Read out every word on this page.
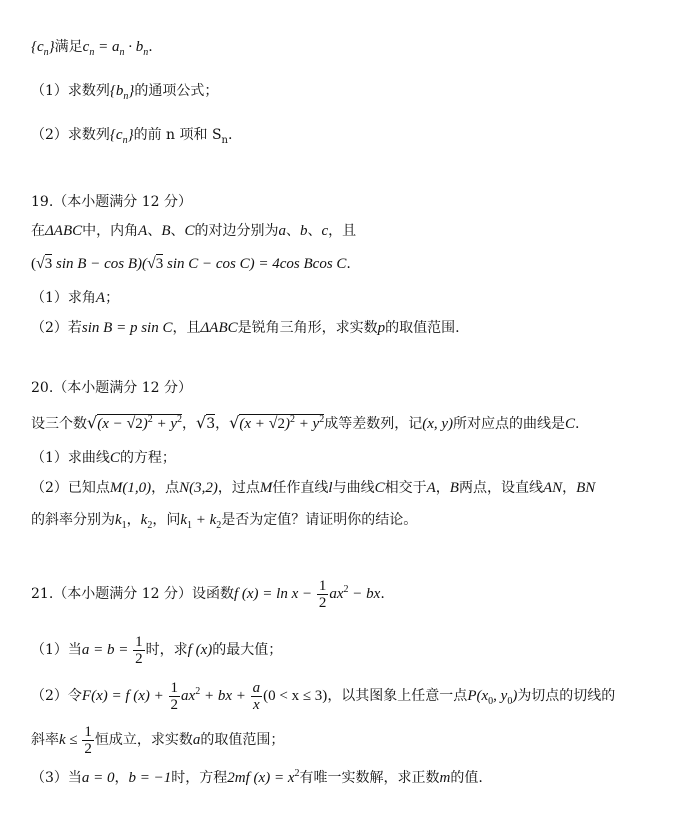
$\{c_n\}$满足$c_n = a_n \cdot b_n$.
（1）求数列$\{b_n\}$的通项公式；
（2）求数列$\{c_n\}$的前 n 项和 $S_n$.
19.（本小题满分 12 分）
在ΔABC中，内角A、B、C的对边分别为a、b、c，且
(√3 sin B − cos B)(√3 sin C − cos C) = 4cos Bcos C.
（1）求角A；
（2）若sin B = p sin C，且ΔABC是锐角三角形，求实数p的取值范围.
20.（本小题满分 12 分）
设三个数$√(x - √2)^2 + y^2$，√3，$√(x + √2)^2 + y^2$成等差数列，记(x, y)所对应点的曲线是C.
（1）求曲线C的方程；
（2）已知点M(1,0)，点N(3,2)，过点M任作直线l与曲线C相交于A，B两点，设直线AN，BN
的斜率分别为$k_1$，$k_2$，问$k_1 + k_2$是否为定值？请证明你的结论。
21.（本小题满分 12 分）设函数f $(x) = \ln x - \frac{1}{2} ax^2$ − bx.
（1）当$a = b = \frac{1}{2}$ 时，求f (x)的最大值；
（2）令F(x) = f $(x) + \frac{1}{2} ax^2$ + bx + $\frac{a}{x} (0 < x \le 3)$，以其图象上任意一点$P(x_0$, $y_0$)为切点的切线的
斜率$k \le \frac{1}{2}$ 恒成立，求实数a的取值范围；
（3）当a = 0，b = −1时，方程2mf $(x) = x^2$有唯一实数解，求正数m的值.
